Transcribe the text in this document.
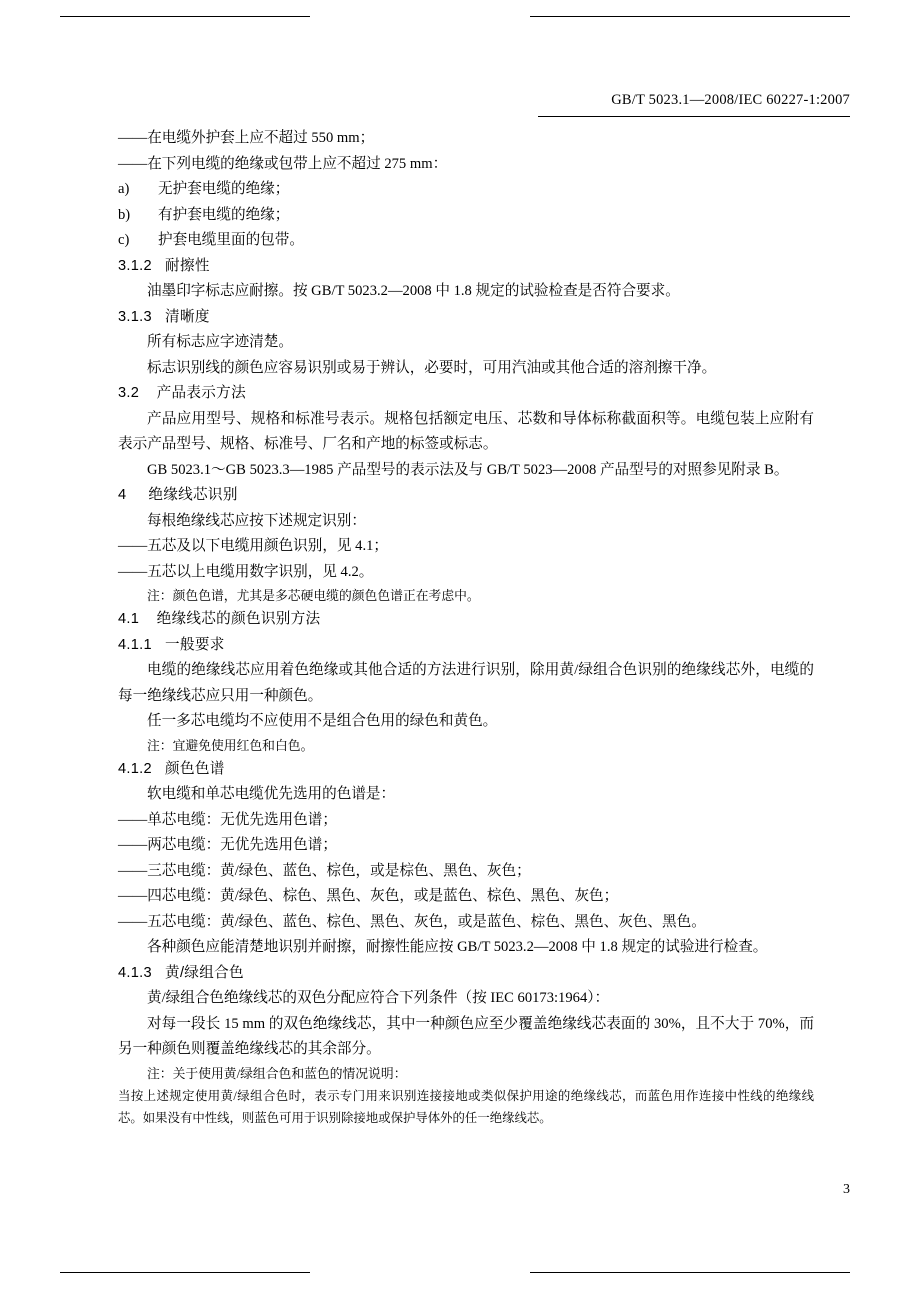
GB/T 5023.1—2008/IEC 60227-1:2007

——在电缆外护套上应不超过 550 mm；

——在下列电缆的绝缘或包带上应不超过 275 mm：

a) 无护套电缆的绝缘；

b) 有护套电缆的绝缘；

c) 护套电缆里面的包带。

3.1.2 耐擦性

油墨印字标志应耐擦。按 GB/T 5023.2—2008 中 1.8 规定的试验检查是否符合要求。

3.1.3 清晰度

所有标志应字迹清楚。

标志识别线的颜色应容易识别或易于辨认，必要时，可用汽油或其他合适的溶剂擦干净。

3.2 产品表示方法

产品应用型号、规格和标准号表示。规格包括额定电压、芯数和导体标称截面积等。电缆包装上应附有表示产品型号、规格、标准号、厂名和产地的标签或标志。

GB 5023.1～GB 5023.3—1985 产品型号的表示法及与 GB/T 5023—2008 产品型号的对照参见附录 B。

4 绝缘线芯识别

每根绝缘线芯应按下述规定识别：

——五芯及以下电缆用颜色识别，见 4.1；

——五芯以上电缆用数字识别，见 4.2。

注：颜色色谱，尤其是多芯硬电缆的颜色色谱正在考虑中。

4.1 绝缘线芯的颜色识别方法

4.1.1 一般要求

电缆的绝缘线芯应用着色绝缘或其他合适的方法进行识别，除用黄/绿组合色识别的绝缘线芯外，电缆的每一绝缘线芯应只用一种颜色。

任一多芯电缆均不应使用不是组合色用的绿色和黄色。

注：宜避免使用红色和白色。

4.1.2 颜色色谱

软电缆和单芯电缆优先选用的色谱是：

——单芯电缆：无优先选用色谱；

——两芯电缆：无优先选用色谱；

——三芯电缆：黄/绿色、蓝色、棕色，或是棕色、黑色、灰色；

——四芯电缆：黄/绿色、棕色、黑色、灰色，或是蓝色、棕色、黑色、灰色；

——五芯电缆：黄/绿色、蓝色、棕色、黑色、灰色，或是蓝色、棕色、黑色、灰色、黑色。

各种颜色应能清楚地识别并耐擦，耐擦性能应按 GB/T 5023.2—2008 中 1.8 规定的试验进行检查。

4.1.3 黄/绿组合色

黄/绿组合色绝缘线芯的双色分配应符合下列条件（按 IEC 60173:1964）：

对每一段长 15 mm 的双色绝缘线芯，其中一种颜色应至少覆盖绝缘线芯表面的 30%，且不大于 70%，而另一种颜色则覆盖绝缘线芯的其余部分。

注：关于使用黄/绿组合色和蓝色的情况说明：

当按上述规定使用黄/绿组合色时，表示专门用来识别连接接地或类似保护用途的绝缘线芯，而蓝色用作连接中性线的绝缘线芯。如果没有中性线，则蓝色可用于识别除接地或保护导体外的任一绝缘线芯。

3
